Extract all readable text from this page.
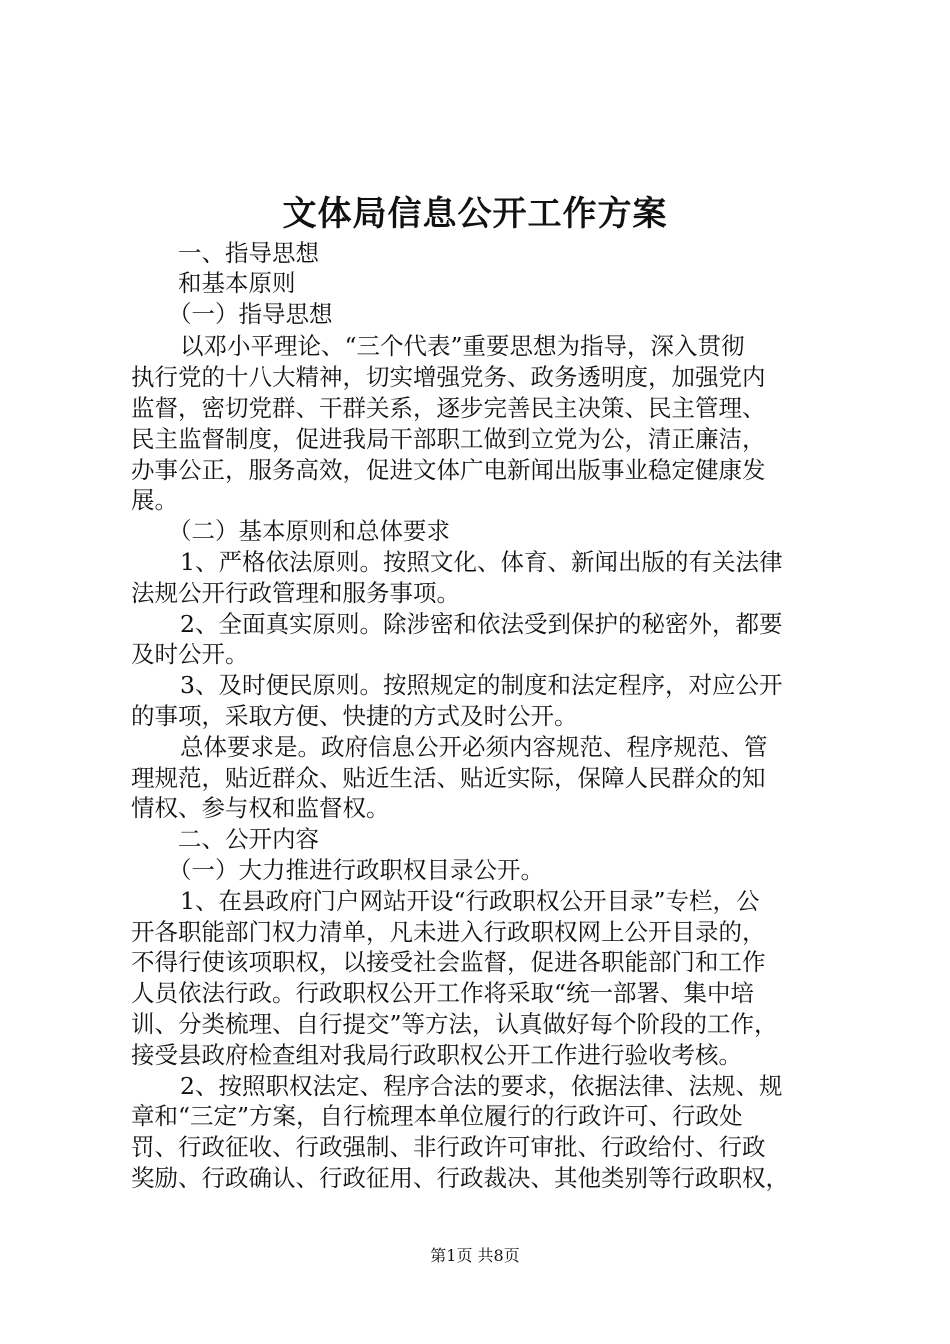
文体局信息公开工作方案

一、指导思想

和基本原则

（一）指导思想

以邓小平理论、“三个代表”重要思想为指导，深入贯彻

执行党的十八大精神，切实增强党务、政务透明度，加强党内

监督，密切党群、干群关系，逐步完善民主决策、民主管理、

民主监督制度，促进我局干部职工做到立党为公，清正廉洁，

办事公正，服务高效，促进文体广电新闻出版事业稳定健康发

展。

（二）基本原则和总体要求

1、严格依法原则。按照文化、体育、新闻出版的有关法律

法规公开行政管理和服务事项。

2、全面真实原则。除涉密和依法受到保护的秘密外，都要

及时公开。

3、及时便民原则。按照规定的制度和法定程序，对应公开

的事项，采取方便、快捷的方式及时公开。

总体要求是。政府信息公开必须内容规范、程序规范、管

理规范，贴近群众、贴近生活、贴近实际，保障人民群众的知

情权、参与权和监督权。

二、公开内容

（一）大力推进行政职权目录公开。

1、在县政府门户网站开设“行政职权公开目录”专栏，公

开各职能部门权力清单，凡未进入行政职权网上公开目录的，

不得行使该项职权，以接受社会监督，促进各职能部门和工作

人员依法行政。行政职权公开工作将采取“统一部署、集中培

训、分类梳理、自行提交”等方法，认真做好每个阶段的工作，

接受县政府检查组对我局行政职权公开工作进行验收考核。

2、按照职权法定、程序合法的要求，依据法律、法规、规

章和“三定”方案，自行梳理本单位履行的行政许可、行政处

罚、行政征收、行政强制、非行政许可审批、行政给付、行政

奖励、行政确认、行政征用、行政裁决、其他类别等行政职权，

第1页 共8页
